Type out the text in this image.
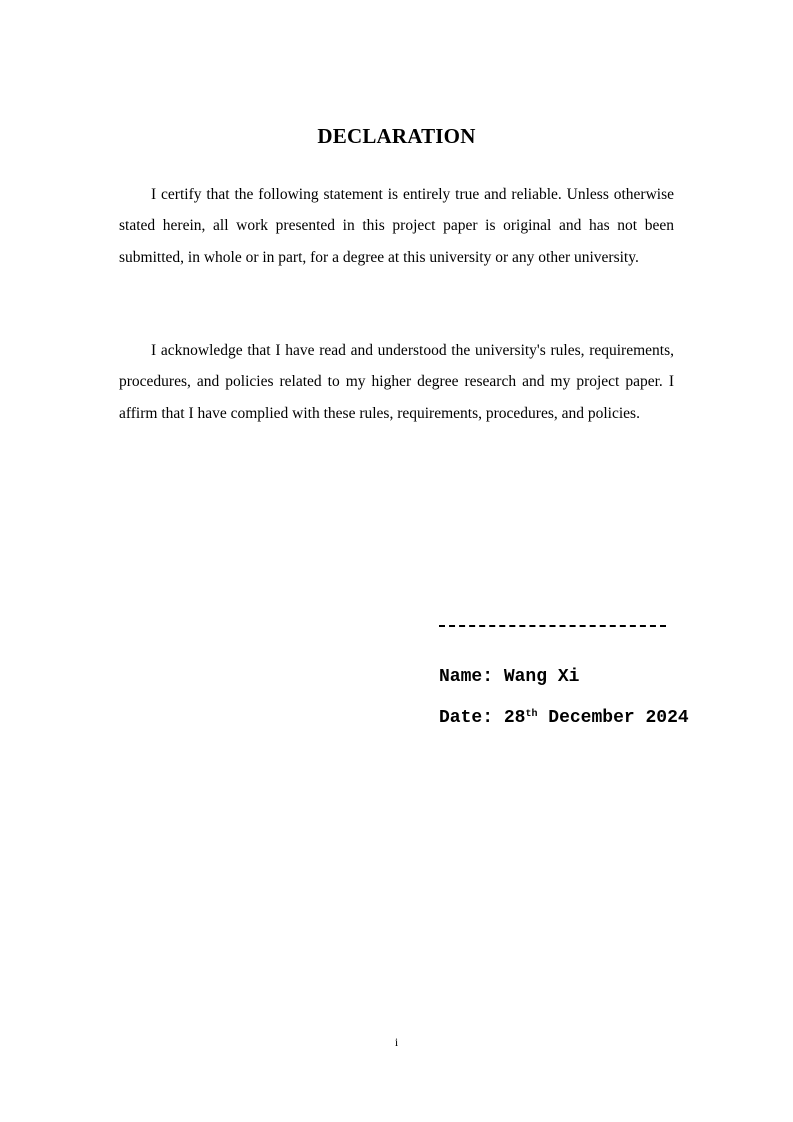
DECLARATION

I certify that the following statement is entirely true and reliable. Unless otherwise stated herein, all work presented in this project paper is original and has not been submitted, in whole or in part, for a degree at this university or any other university.

I acknowledge that I have read and understood the university's rules, requirements, procedures, and policies related to my higher degree research and my project paper. I affirm that I have complied with these rules, requirements, procedures, and policies.

Name: Wang Xi
Date: 28th December 2024
i
